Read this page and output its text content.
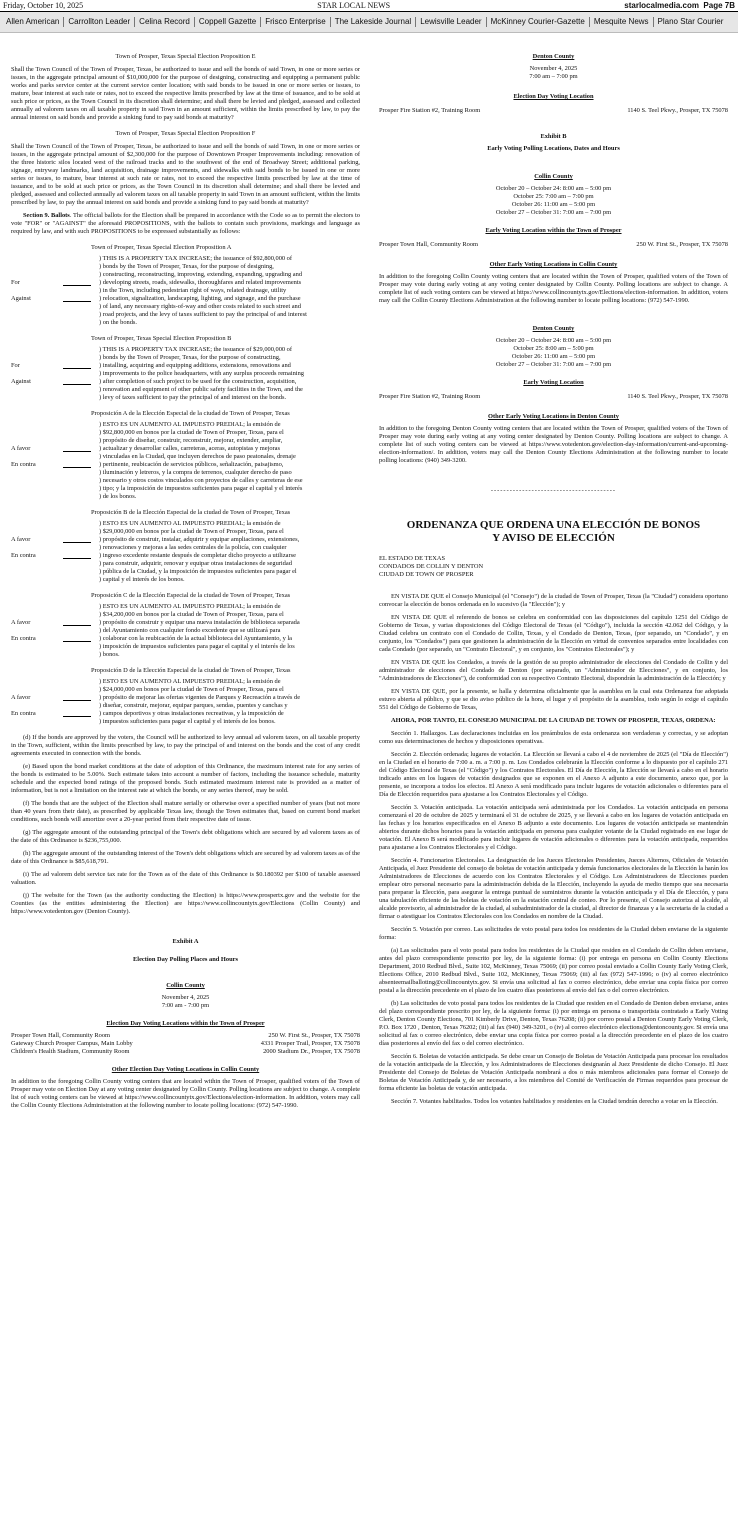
Friday, October 10, 2025	STAR LOCAL NEWS	starlocalmedia.com Page 7B
Allen American	Carrollton Leader	Celina Record	Coppell Gazette	Frisco Enterprise	The Lakeside Journal	Lewisville Leader	McKinney Courier-Gazette	Mesquite News	Plano Star Courier

Town of Prosper, Texas Special Election Proposition E

Shall the Town Council of the Town of Prosper, Texas, be authorized to issue and sell the bonds of said Town, in one or more series or issues, in the aggregate principal amount of $10,000,000 for the purpose of designing, constructing and equipping a permanent public works and parks service center at the current service center location; with said bonds to be issued in one or more series or issues, to mature, bear interest at such rate or rates, not to exceed the respective limits prescribed by law at the time of issuance, and to be sold at such price or prices, as the Town Council in its discretion shall determine; and shall there be levied and pledged, assessed and collected annually ad valorem taxes on all taxable property in said Town in an amount sufficient, within the limits prescribed by law, to pay the annual interest on said bonds and provide a sinking fund to pay said bonds at maturity?

Town of Prosper, Texas Special Election Proposition F

Shall the Town Council of the Town of Prosper, Texas, be authorized to issue and sell the bonds of said Town, in one or more series or issues, in the aggregate principal amount of $2,300,000 for the purpose of Downtown Prosper Improvements including: renovation of the three historic silos located west of the railroad tracks and to the southwest of the end of Broadway Street; additional parking, signage, entryway landmarks, land acquisition, drainage improvements, and sidewalks with said bonds to be issued in one or more series or issues, to mature, bear interest at such rate or rates, not to exceed the respective limits prescribed by law at the time of issuance, and to be sold at such price or prices, as the Town Council in its discretion shall determine; and shall there be levied and pledged, assessed and collected annually ad valorem taxes on all taxable property in said Town in an amount sufficient, within the limits prescribed by law, to pay the annual interest on said bonds and provide a sinking fund to pay said bonds at maturity?

Section 9. Ballots. The official ballots for the Election shall be prepared in accordance with the Code so as to permit the electors to vote "FOR" or "AGAINST" the aforesaid PROPOSITIONS, with the ballots to contain such provisions, markings and language as required by law, and with such PROPOSITIONS to be expressed substantially as follows:

Town of Prosper, Texas Special Election Proposition A
For
Against
) THIS IS A PROPERTY TAX INCREASE; the issuance of $92,800,000 of
) bonds by the Town of Prosper, Texas, for the purpose of designing,
) constructing, reconstructing, improving, extending, expanding, upgrading and
) developing streets, roads, sidewalks, thoroughfares and related improvements
) in the Town, including pedestrian right of ways, related drainage, utility
) relocation, signalization, landscaping, lighting, and signage, and the purchase
) of land, any necessary rights-of-way and other costs related to such street and
) road projects, and the levy of taxes sufficient to pay the principal of and interest
) on the bonds.
Town of Prosper, Texas Special Election Proposition B
For
Against
) THIS IS A PROPERTY TAX INCREASE; the issuance of $29,000,000 of
) bonds by the Town of Prosper, Texas, for the purpose of constructing,
) installing, acquiring and equipping additions, extensions, renovations and
) improvements to the police headquarters, with any surplus proceeds remaining
) after completion of such project to be used for the construction, acquisition,
) renovation and equipment of other public safety facilities in the Town, and the
) levy of taxes sufficient to pay the principal of and interest on the bonds.
Proposición A de la Elección Especial de la ciudad de Town of Prosper, Texas
A favor
En contra
) ESTO ES UN AUMENTO AL IMPUESTO PREDIAL; la emisión de
) $92,800,000 en bonos por la ciudad de Town of Prosper, Texas, para el
) propósito de diseñar, construir, reconstruir, mejorar, extender, ampliar,
) actualizar y desarrollar calles, carreteras, aceras, autopistas y mejoras
) vinculadas en la Ciudad, que incluyen derechos de paso peatonales, drenaje
) pertinente, reubicación de servicios públicos, señalización, paisajismo,
) iluminación y letreros, y la compra de terrenos, cualquier derecho de paso
) necesario y otros costos vinculados con proyectos de calles y carreteras de ese
) tipo; y la imposición de impuestos suficientes para pagar el capital y el interés
) de los bonos.
Proposición B de la Elección Especial de la ciudad de Town of Prosper, Texas
A favor
En contra
) ESTO ES UN AUMENTO AL IMPUESTO PREDIAL; la emisión de
) $29,000,000 en bonos por la ciudad de Town of Prosper, Texas, para el
) propósito de construir, instalar, adquirir y equipar ampliaciones, extensiones,
) renovaciones y mejoras a las sedes centrales de la policía, con cualquier
) ingreso excedente restante después de completar dicho proyecto a utilizarse
) para construir, adquirir, renovar y equipar otras instalaciones de seguridad
) pública de la Ciudad, y la imposición de impuestos suficientes para pagar el
) capital y el interés de los bonos.
Proposición C de la Elección Especial de la ciudad de Town of Prosper, Texas
A favor
En contra
) ESTO ES UN AUMENTO AL IMPUESTO PREDIAL; la emisión de
) $34,200,000 en bonos por la ciudad de Town of Prosper, Texas, para el
) propósito de construir y equipar una nueva instalación de biblioteca separada
) del Ayuntamiento con cualquier fondo excedente que se utilizará para
) colaborar con la reubicación de la actual biblioteca del Ayuntamiento, y la
) imposición de impuestos suficientes para pagar el capital y el interés de los
) bonos.
Proposición D de la Elección Especial de la ciudad de Town of Prosper, Texas
A favor
En contra
) ESTO ES UN AUMENTO AL IMPUESTO PREDIAL; la emisión de
) $24,000,000 en bonos por la ciudad de Town of Prosper, Texas, para el
) propósito de mejorar las ofertas vigentes de Parques y Recreación a través de
) diseñar, construir, mejorar, equipar parques, sendas, puentes y canchas y
) campos deportivos y otras instalaciones recreativas, y la imposición de
) impuestos suficientes para pagar el capital y el interés de los bonos.

(d) If the bonds are approved by the voters, the Council will be authorized to levy annual ad valorem taxes, on all taxable property in the Town, sufficient, within the limits prescribed by law, to pay the principal of and interest on the bonds and the cost of any credit agreements executed in connection with the bonds.

(e) Based upon the bond market conditions at the date of adoption of this Ordinance, the maximum interest rate for any series of the bonds is estimated to be 5.00%. Such estimate takes into account a number of factors, including the issuance schedule, maturity schedule and the expected bond ratings of the proposed bonds. Such estimated maximum interest rate is provided as a matter of information, but is not a limitation on the interest rate at which the bonds, or any series thereof, may be sold.

(f) The bonds that are the subject of the Election shall mature serially or otherwise over a specified number of years (but not more than 40 years from their date), as prescribed by applicable Texas law, though the Town estimates that, based on current bond market conditions, such bonds will amortize over a 20-year period from their respective date of issue.

(g) The aggregate amount of the outstanding principal of the Town's debt obligations which are secured by ad valorem taxes as of the date of this Ordinance is $236,755,000.

(h) The aggregate amount of the outstanding interest of the Town's debt obligations which are secured by ad valorem taxes as of the date of this Ordinance is $85,618,791.

(i) The ad valorem debt service tax rate for the Town as of the date of this Ordinance is $0.180392 per $100 of taxable assessed valuation.

(j) The website for the Town (as the authority conducting the Election) is https://www.prospertx.gov and the website for the Counties (as the entities administering the Election) are https://www.collincountytx.gov/Elections (Collin County) and https://www.votedenton.gov (Denton County).

Exhibit A
Election Day Polling Places and Hours
Collin County
November 4, 2025
7:00 am - 7:00 pm
Election Day Voting Locations within the Town of Prosper
Prosper Town Hall, Community Room	250 W. First St., Prosper, TX 75078
Gateway Church Prosper Campus, Main Lobby	4331 Prosper Trail, Prosper, TX 75078
Children's Health Stadium, Community Room	2000 Stadium Dr., Prosper, TX 75078
Other Election Day Voting Locations in Collin County

In addition to the foregoing Collin County voting centers that are located within the Town of Prosper, qualified voters of the Town of Prosper may vote on Election Day at any voting center designated by Collin County. Polling locations are subject to change. A complete list of such voting centers can be viewed at https://www.collincountytx.gov/Elections/election-information. In addition, voters may call the Collin County Elections Administration at the following number to locate polling locations: (972) 547-1990.

Denton County
November 4, 2025
7:00 am – 7:00 pm
Election Day Voting Location
Prosper Fire Station #2, Training Room	1140 S. Teel Pkwy., Prosper, TX 75078
Exhibit B
Early Voting Polling Locations, Dates and Hours
Collin County
October 20 – October 24: 8:00 am – 5:00 pm
October 25: 7:00 am – 7:00 pm
October 26: 11:00 am – 5:00 pm
October 27 – October 31: 7:00 am – 7:00 pm
Early Voting Location within the Town of Prosper
Prosper Town Hall, Community Room	250 W. First St., Prosper, TX 75078
Other Early Voting Locations in Collin County

In addition to the foregoing Collin County voting centers that are located within the Town of Prosper, qualified voters of the Town of Prosper may vote during early voting at any voting center designated by Collin County. Polling locations are subject to change. A complete list of such voting centers can be viewed at https://www.collincountytx.gov/Elections/election-information. In addition, voters may call the Collin County Elections Administration at the following number to locate polling locations: (972) 547-1990.

Denton County
October 20 – October 24: 8:00 am – 5:00 pm
October 25: 8:00 am – 5:00 pm
October 26: 11:00 am – 5:00 pm
October 27 – October 31: 7:00 am – 7:00 pm
Early Voting Location
Prosper Fire Station #2, Training Room	1140 S. Teel Pkwy., Prosper, TX 75078
Other Early Voting Locations in Denton County

In addition to the foregoing Denton County voting centers that are located within the Town of Prosper, qualified voters of the Town of Prosper may vote during early voting at any voting center designated by Denton County. Polling locations are subject to change. A complete list of such voting centers can be viewed at https://www.votedenton.gov/election-day-information/current-and-upcoming-election-information/. In addition, voters may call the Denton County Elections Administration at the following number to locate polling locations: (940) 349-3200.

----------------------------------------
ORDENANZA QUE ORDENA UNA ELECCIÓN DE BONOS
Y AVISO DE ELECCIÓN
EL ESTADO DE TEXAS
CONDADOS DE COLLIN Y DENTON
CIUDAD DE TOWN OF PROSPER

EN VISTA DE QUE el Consejo Municipal (el "Consejo") de la ciudad de Town of Prosper, Texas (la "Ciudad") considera oportuno convocar la elección de bonos ordenada en lo sucesivo (la "Elección"); y

EN VISTA DE QUE el referendo de bonos se celebra en conformidad con las disposiciones del capítulo 1251 del Código de Gobierno de Texas, y varias disposiciones del Código Electoral de Texas (el "Código"), incluida la sección 42.062 del Código, y la Ciudad celebra un contrato con el Condado de Collin, Texas, y el Condado de Denton, Texas, (por separado, un "Condado", y en conjunto, los "Condados") para que gestionen la administración de la Elección en virtud de convenios separados entre localidades con cada Condado (por separado, un "Contrato Electoral", y en conjunto, los "Contratos Electorales"); y

EN VISTA DE QUE los Condados, a través de la gestión de su propio administrador de elecciones del Condado de Collin y del administrador de elecciones del Condado de Denton (por separado, un "Administrador de Elecciones", y en conjunto, los "Administradores de Elecciones"), de conformidad con su respectivo Contrato Electoral, dispondrán la administración de la Elección; y

EN VISTA DE QUE, por la presente, se halla y determina oficialmente que la asamblea en la cual esta Ordenanza fue adoptada estuvo abierta al público, y que se dio aviso público de la hora, el lugar y el propósito de la asamblea, todo según lo exige el capítulo 551 del Código de Gobierno de Texas,

AHORA, POR TANTO, EL CONSEJO MUNICIPAL DE LA CIUDAD DE TOWN OF PROSPER, TEXAS, ORDENA:

Sección 1. Hallazgos. Las declaraciones incluidas en los preámbulos de esta ordenanza son verdaderas y correctas, y se adoptan como sus determinaciones de hechos y disposiciones operativas.

Sección 2. Elección ordenada; lugares de votación. La Elección se llevará a cabo el 4 de noviembre de 2025 (el "Día de Elección") en la Ciudad en el horario de 7:00 a. m. a 7:00 p. m. Los Condados celebrarán la Elección conforme a lo dispuesto por el capítulo 271 del Código Electoral de Texas (el "Código") y los Contratos Electorales. El Día de Elección, la Elección se llevará a cabo en el horario indicado antes en los lugares de votación designados que se exponen en el Anexo A adjunto a este documento, anexo que, por la presente, se incorpora a todos los efectos. El Anexo A será modificado para incluir lugares de votación adicionales o diferentes para el Día de Elección requeridos para ajustarse a los Contratos Electorales y el Código.

Sección 3. Votación anticipada. La votación anticipada será administrada por los Condados. La votación anticipada en persona comenzará el 20 de octubre de 2025 y terminará el 31 de octubre de 2025, y se llevará a cabo en los lugares de votación anticipada en las fechas y los horarios especificados en el Anexo B adjunto a este documento. Los lugares de votación anticipada se mantendrán abiertos durante dichos horarios para la votación anticipada en persona para cualquier votante de la Ciudad registrado en ese lugar de votación. El Anexo B será modificado para incluir lugares de votación adicionales o diferentes para la votación anticipada, requeridos para ajustarse a los Contratos Electorales y el Código.

Sección 4. Funcionarios Electorales. La designación de los Jueces Electorales Presidentes, Jueces Alternos, Oficiales de Votación Anticipada, el Juez Presidente del consejo de boletas de votación anticipada y demás funcionarios electorales de la Elección la harán los Administradores de Elecciones de acuerdo con los Contratos Electorales y el Código. Los Administradores de Elecciones pueden emplear otro personal necesario para la administración debida de la Elección, incluyendo la ayuda de medio tiempo que sea necesaria para preparar la Elección, para asegurar la entrega puntual de suministros durante la votación anticipada y el Día de Elección, y para una tabulación eficiente de las boletas de votación en la estación central de conteo. Por lo presente, el Consejo autoriza al alcalde, al alcalde provisorio, al administrador de la ciudad, al subadministrador de la ciudad, al director de finanzas y a la secretaria de la ciudad a firmar o atestiguar los Contratos Electorales con los Condados en nombre de la Ciudad.

Sección 5. Votación por correo. Las solicitudes de voto postal para todos los residentes de la Ciudad deben enviarse de la siguiente forma:

(a) Las solicitudes para el voto postal para todos los residentes de la Ciudad que residen en el Condado de Collin deben enviarse, antes del plazo correspondiente prescrito por ley, de la siguiente forma: (i) por entrega en persona en Collin County Elections Department, 2010 Redbud Blvd., Suite 102, McKinney, Texas 75069; (ii) por correo postal enviado a Collin County Early Voting Clerk, Elections Office, 2010 Redbud Blvd., Suite 102, McKinney, Texas 75069; (iii) al fax (972) 547-1996; o (iv) al correo electrónico absenteemailballoting@collincountytx.gov. Si envía una solicitud al fax o correo electrónico, debe enviar una copia física por correo postal a la dirección precedente en el plazo de los cuatro días posteriores al envío del fax o del correo electrónico.

(b) Las solicitudes de voto postal para todos los residentes de la Ciudad que residen en el Condado de Denton deben enviarse, antes del plazo correspondiente prescrito por ley, de la siguiente forma: (i) por entrega en persona o transportista contratado a Early Voting Clerk, Denton County Elections, 701 Kimberly Drive, Denton, Texas 76208; (ii) por correo postal a Denton County Early Voting Clerk, P.O. Box 1720 , Denton, Texas 76202; (iii) al fax (940) 349-3201, o (iv) al correo electrónico elections@dentoncounty.gov. Si envía una solicitud al fax o correo electrónico, debe enviar una copia física por correo postal a la dirección precedente en el plazo de los cuatro días posteriores al envío del fax o del correo electrónico.

Sección 6. Boletas de votación anticipada. Se debe crear un Consejo de Boletas de Votación Anticipada para procesar los resultados de la votación anticipada de la Elección, y los Administradores de Elecciones designarán al Juez Presidente de dicho Consejo. El Juez Presidente del Consejo de Boletas de Votación Anticipada nombrará a dos o más miembros adicionales para formar el Consejo de Boletas de Votación Anticipada y, de ser necesario, a los miembros del Comité de Verificación de Firmas requeridos para procesar de forma eficiente las boletas de votación anticipada.

Sección 7. Votantes habilitados. Todos los votantes habilitados y residentes en la Ciudad tendrán derecho a votar en la Elección.
